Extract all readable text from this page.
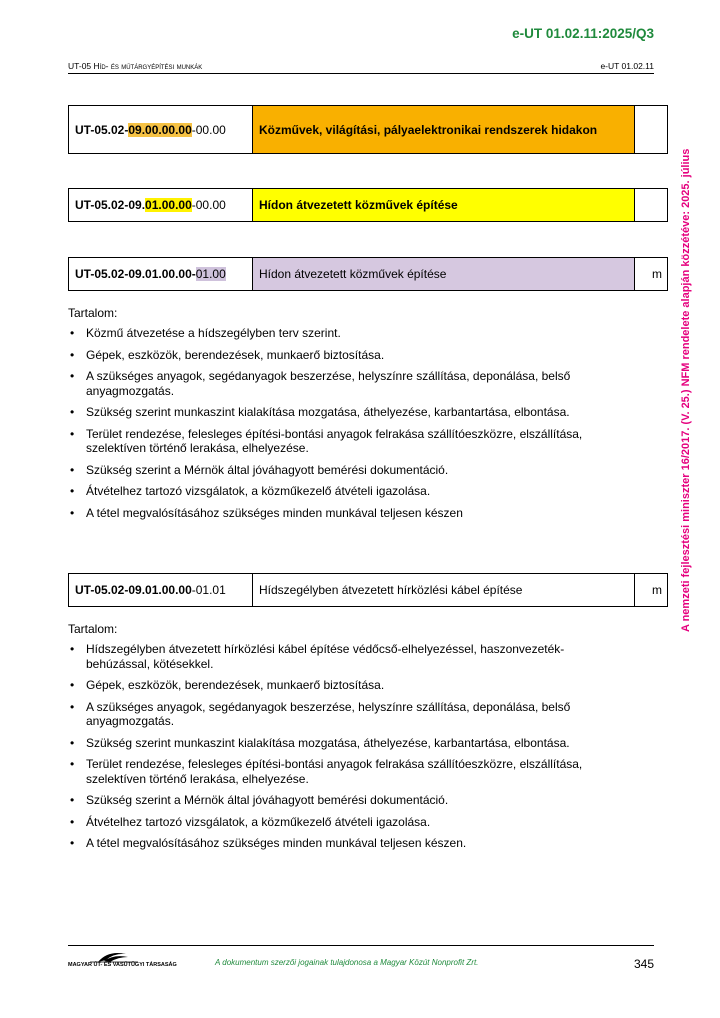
e-UT 01.02.11:2025/Q3
UT-05 Híd- és műtárgyépítési munkák	e-UT 01.02.11
UT-05.02-09.00.00.00-00.00	Közművek, világítási, pályaelektronikai rendszerek hidakon	
UT-05.02-09.01.00.00-00.00	Hídon átvezetett közművek építése	
UT-05.02-09.01.00.00-01.00	Hídon átvezetett közművek építése	m

Tartalom:

• Közmű átvezetése a hídszegélyben terv szerint.
• Gépek, eszközök, berendezések, munkaerő biztosítása.
• A szükséges anyagok, segédanyagok beszerzése, helyszínre szállítása, deponálása, belső anyagmozgatás.
• Szükség szerint munkaszint kialakítása mozgatása, áthelyezése, karbantartása, elbontása.
• Terület rendezése, felesleges építési-bontási anyagok felrakása szállítóeszközre, elszállítása, szelektíven történő lerakása, elhelyezése.
• Szükség szerint a Mérnök által jóváhagyott bemérési dokumentáció.
• Átvételhez tartozó vizsgálatok, a közműkezelő átvételi igazolása.
• A tétel megvalósításához szükséges minden munkával teljesen készen
UT-05.02-09.01.00.00-01.01	Hídszegélyben átvezetett hírközlési kábel építése	m

Tartalom:

• Hídszegélyben átvezetett hírközlési kábel építése védőcső-elhelyezéssel, haszonvezeték-behúzással, kötésekkel.
• Gépek, eszközök, berendezések, munkaerő biztosítása.
• A szükséges anyagok, segédanyagok beszerzése, helyszínre szállítása, deponálása, belső anyagmozgatás.
• Szükség szerint munkaszint kialakítása mozgatása, áthelyezése, karbantartása, elbontása.
• Terület rendezése, felesleges építési-bontási anyagok felrakása szállítóeszközre, elszállítása, szelektíven történő lerakása, elhelyezése.
• Szükség szerint a Mérnök által jóváhagyott bemérési dokumentáció.
• Átvételhez tartozó vizsgálatok, a közműkezelő átvételi igazolása.
• A tétel megvalósításához szükséges minden munkával teljesen készen.
A nemzeti fejlesztési miniszter 16/2017. (V. 25.) NFM rendelete alapján közzétéve: 2025. július
MAGYAR ÚT- ÉS VASÚTÜGYI TÁRSASÁG	A dokumentum szerzői jogainak tulajdonosa a Magyar Közút Nonprofit Zrt.	345
